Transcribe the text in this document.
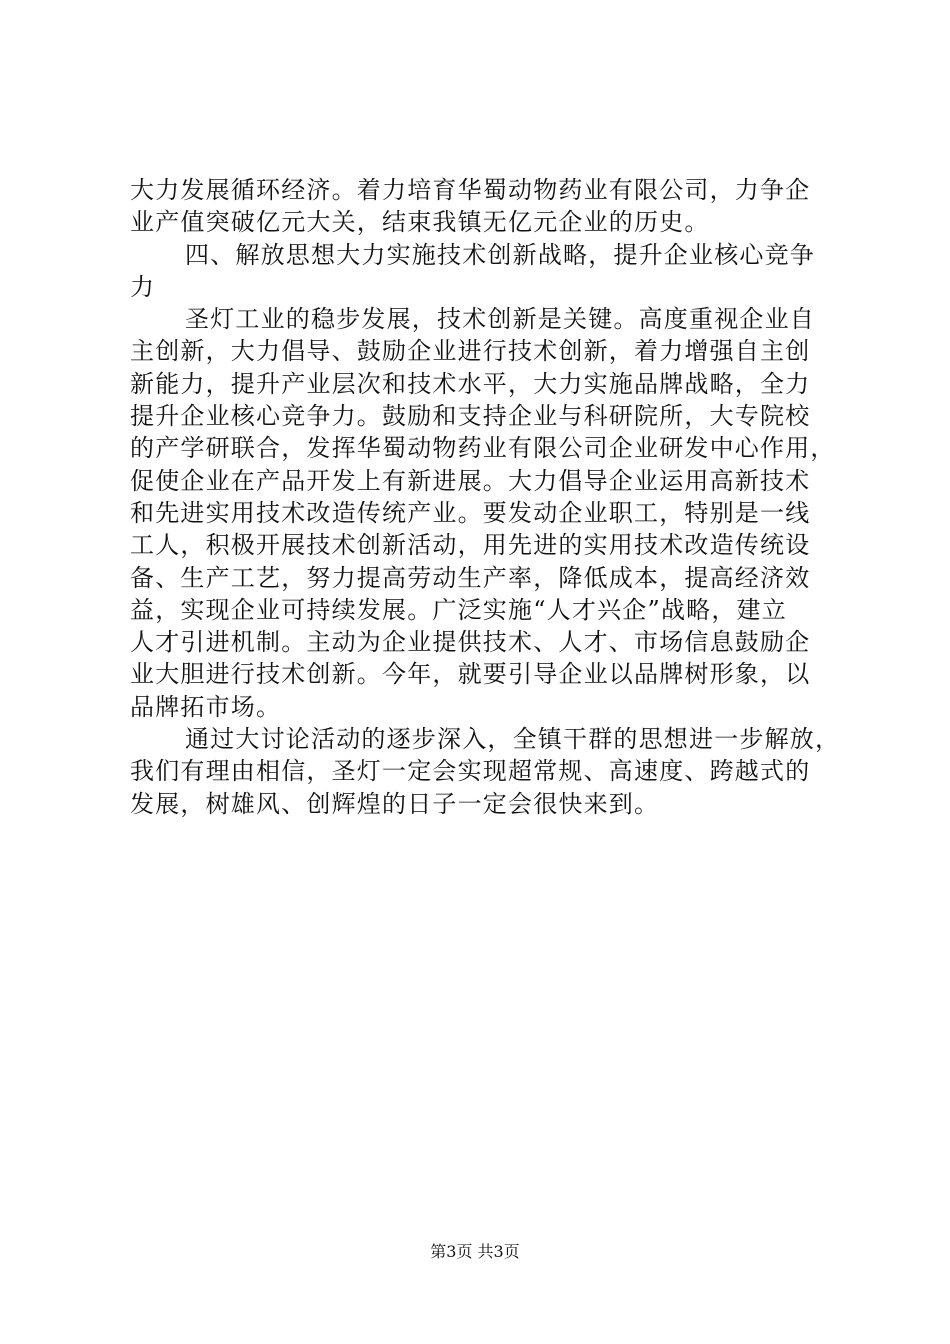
大力发展循环经济。着力培育华蜀动物药业有限公司，力争企
业产值突破亿元大关，结束我镇无亿元企业的历史。
四、解放思想大力实施技术创新战略，提升企业核心竞争
力
圣灯工业的稳步发展，技术创新是关键。高度重视企业自
主创新，大力倡导、鼓励企业进行技术创新，着力增强自主创
新能力，提升产业层次和技术水平，大力实施品牌战略，全力
提升企业核心竞争力。鼓励和支持企业与科研院所，大专院校
的产学研联合，发挥华蜀动物药业有限公司企业研发中心作用，
促使企业在产品开发上有新进展。大力倡导企业运用高新技术
和先进实用技术改造传统产业。要发动企业职工，特别是一线
工人，积极开展技术创新活动，用先进的实用技术改造传统设
备、生产工艺，努力提高劳动生产率，降低成本，提高经济效
益，实现企业可持续发展。广泛实施“人才兴企”战略，建立
人才引进机制。主动为企业提供技术、人才、市场信息鼓励企
业大胆进行技术创新。今年，就要引导企业以品牌树形象，以
品牌拓市场。
通过大讨论活动的逐步深入，全镇干群的思想进一步解放，
我们有理由相信，圣灯一定会实现超常规、高速度、跨越式的
发展，树雄风、创辉煌的日子一定会很快来到。
第3页 共3页
